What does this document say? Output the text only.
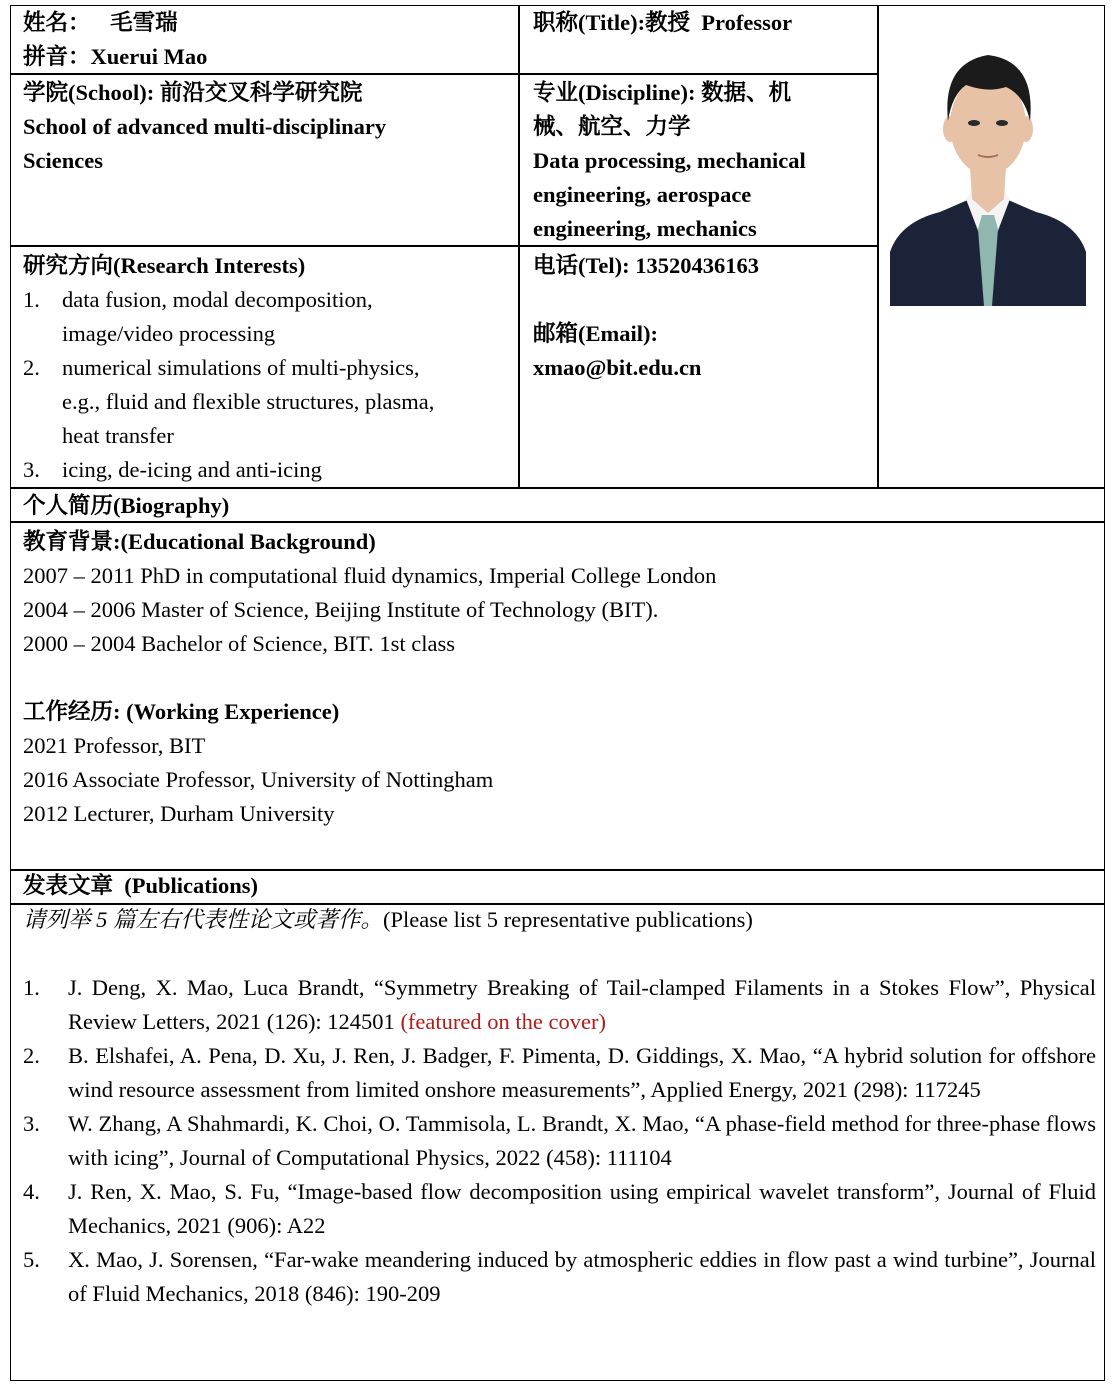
姓名： 毛雪瑞
拼音：Xuerui Mao
职称(Title):教授  Professor
学院(School): 前沿交叉科学研究院
School of advanced multi-disciplinary
Sciences
专业(Discipline): 数据、机
械、航空、力学
Data processing, mechanical
engineering, aerospace
engineering, mechanics
研究方向(Research Interests)
1. data fusion, modal decomposition,
image/video processing
2. numerical simulations of multi-physics,
e.g., fluid and flexible structures, plasma,
heat transfer
3. icing, de-icing and anti-icing
电话(Tel): 13520436163

邮箱(Email):
xmao@bit.edu.cn
个人简历(Biography)
教育背景:(Educational Background)
2007 – 2011 PhD in computational fluid dynamics, Imperial College London
2004 – 2006 Master of Science, Beijing Institute of Technology (BIT).
2000 – 2004 Bachelor of Science, BIT. 1st class

工作经历: (Working Experience)
2021 Professor, BIT
2016 Associate Professor, University of Nottingham
2012 Lecturer, Durham University
发表文章  (Publications)
请列举 5 篇左右代表性论文或著作。(Please list 5 representative publications)
1. J. Deng, X. Mao, Luca Brandt, “Symmetry Breaking of Tail-clamped Filaments in a Stokes Flow”, Physical Review Letters, 2021 (126): 124501 (featured on the cover)
2. B. Elshafei, A. Pena, D. Xu, J. Ren, J. Badger, F. Pimenta, D. Giddings, X. Mao, “A hybrid solution for offshore wind resource assessment from limited onshore measurements”, Applied Energy, 2021 (298): 117245
3. W. Zhang, A Shahmardi, K. Choi, O. Tammisola, L. Brandt, X. Mao, “A phase-field method for three-phase flows with icing”, Journal of Computational Physics, 2022 (458): 111104
4. J. Ren, X. Mao, S. Fu, “Image-based flow decomposition using empirical wavelet transform”, Journal of Fluid Mechanics, 2021 (906): A22
5. X. Mao, J. Sorensen, “Far-wake meandering induced by atmospheric eddies in flow past a wind turbine”, Journal of Fluid Mechanics, 2018 (846): 190-209
